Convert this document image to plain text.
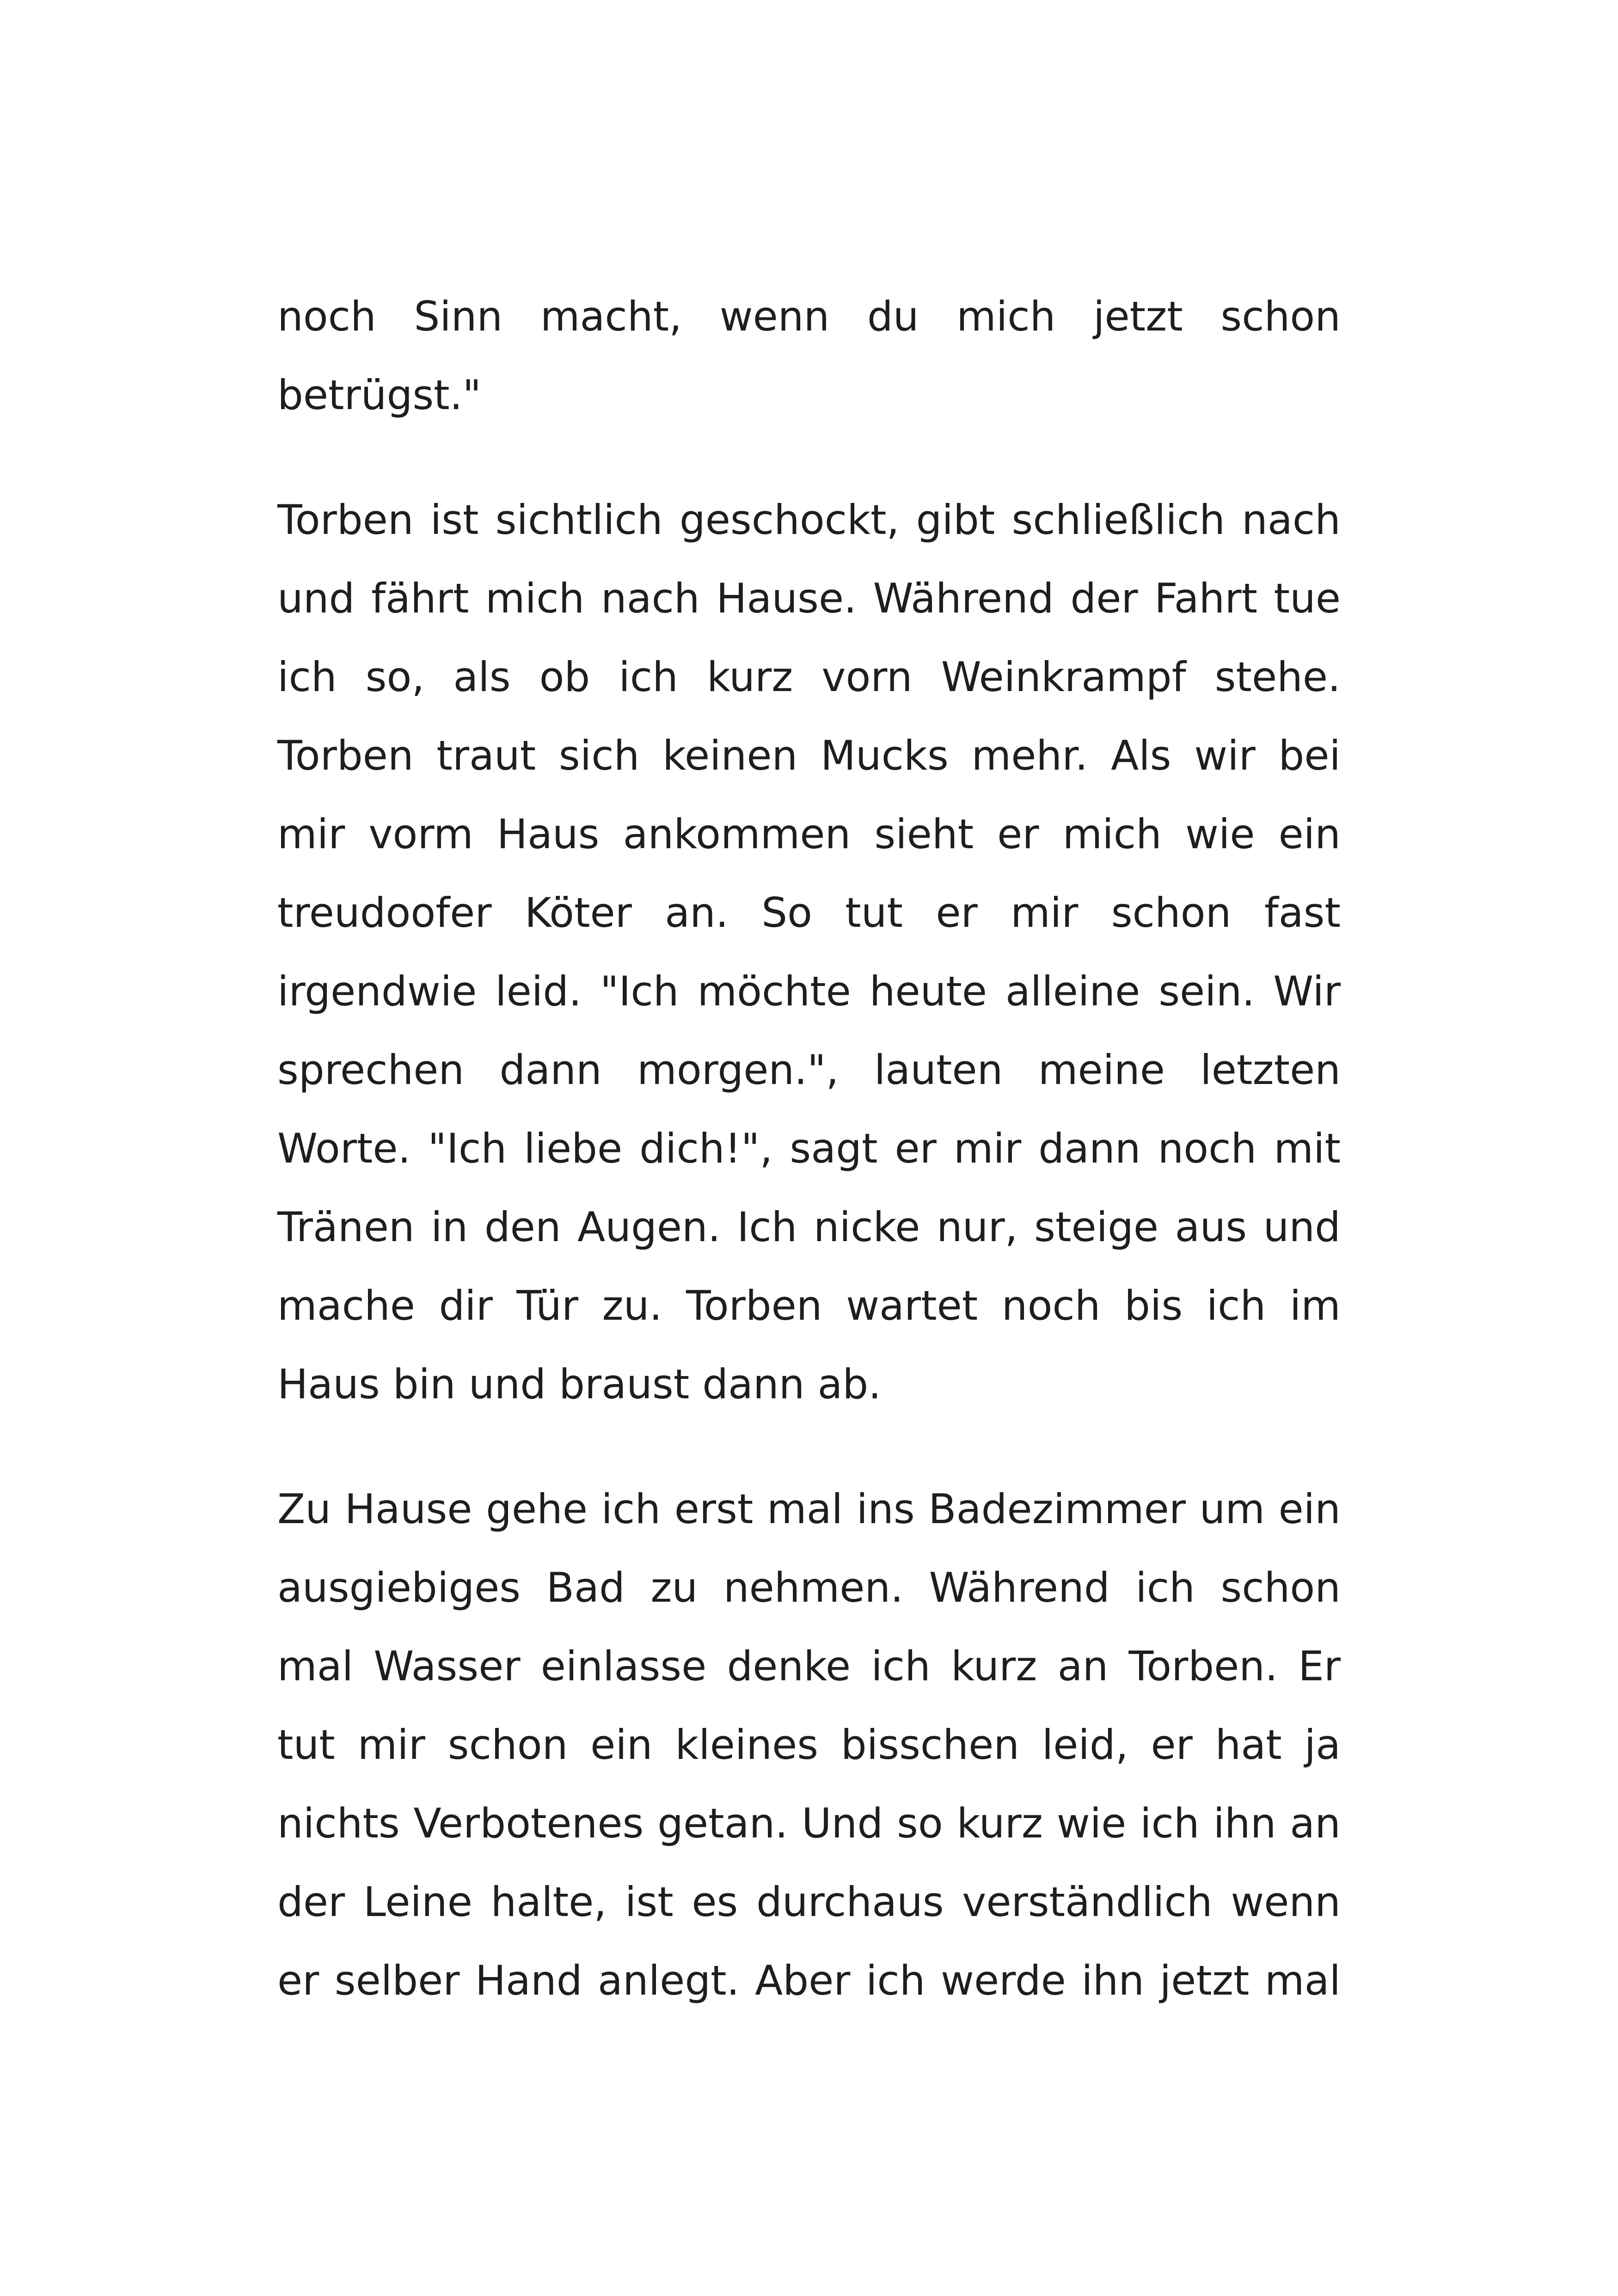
noch Sinn macht, wenn du mich jetzt schon betrügst."

Torben ist sichtlich geschockt, gibt schließlich nach und fährt mich nach Hause. Während der Fahrt tue ich so, als ob ich kurz vorn Weinkrampf stehe. Torben traut sich keinen Mucks mehr. Als wir bei mir vorm Haus ankommen sieht er mich wie ein treudoofer Köter an. So tut er mir schon fast irgendwie leid. "Ich möchte heute alleine sein. Wir sprechen dann morgen.", lauten meine letzten Worte. "Ich liebe dich!", sagt er mir dann noch mit Tränen in den Augen. Ich nicke nur, steige aus und mache dir Tür zu. Torben wartet noch bis ich im Haus bin und braust dann ab.

Zu Hause gehe ich erst mal ins Badezimmer um ein ausgiebiges Bad zu nehmen. Während ich schon mal Wasser einlasse denke ich kurz an Torben. Er tut mir schon ein kleines bisschen leid, er hat ja nichts Verbotenes getan. Und so kurz wie ich ihn an der Leine halte, ist es durchaus verständlich wenn er selber Hand anlegt. Aber ich werde ihn jetzt mal
